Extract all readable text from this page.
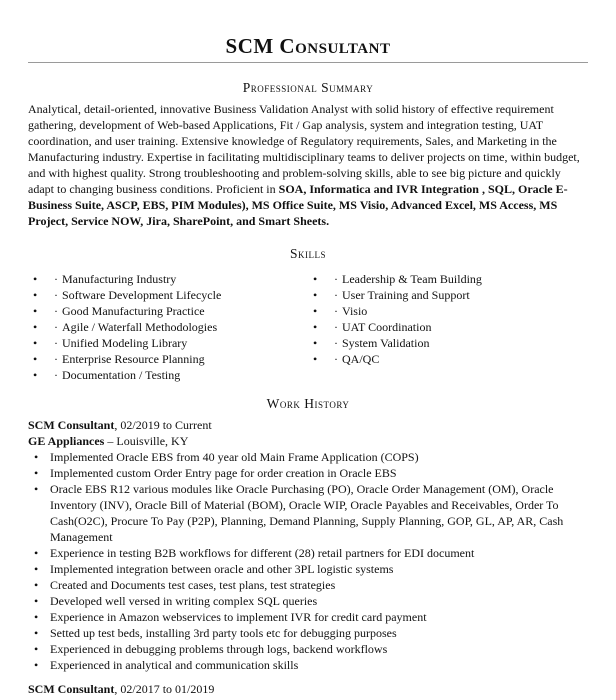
SCM Consultant
Professional Summary

Analytical, detail-oriented, innovative Business Validation Analyst with solid history of effective requirement gathering, development of Web-based Applications, Fit / Gap analysis, system and integration testing, UAT coordination, and user training. Extensive knowledge of Regulatory requirements, Sales, and Marketing in the Manufacturing industry. Expertise in facilitating multidisciplinary teams to deliver projects on time, within budget, and with highest quality. Strong troubleshooting and problem-solving skills, able to see big picture and quickly adapt to changing business conditions. Proficient in SOA, Informatica and IVR Integration , SQL, Oracle E-Business Suite, ASCP, EBS, PIM Modules), MS Office Suite, MS Visio, Advanced Excel, MS Access, MS Project, Service NOW, Jira, SharePoint, and Smart Sheets.

Skills
• · Manufacturing Industry
• · Software Development Lifecycle
• · Good Manufacturing Practice
• · Agile / Waterfall Methodologies
• · Unified Modeling Library
• · Enterprise Resource Planning
• · Documentation / Testing
• · Leadership & Team Building
• · User Training and Support
• · Visio
• · UAT Coordination
• · System Validation
• · QA/QC
Work History
SCM Consultant, 02/2019 to Current
GE Appliances – Louisville, KY
• Implemented Oracle EBS from 40 year old Main Frame Application (COPS)
• Implemented custom Order Entry page for order creation in Oracle EBS
• Oracle EBS R12 various modules like Oracle Purchasing (PO), Oracle Order Management (OM), Oracle Inventory (INV), Oracle Bill of Material (BOM), Oracle WIP, Oracle Payables and Receivables, Order To Cash(O2C), Procure To Pay (P2P), Planning, Demand Planning, Supply Planning, GOP, GL, AP, AR, Cash Management
• Experience in testing B2B workflows for different (28) retail partners for EDI document
• Implemented integration between oracle and other 3PL logistic systems
• Created and Documents test cases, test plans, test strategies
• Developed well versed in writing complex SQL queries
• Experience in Amazon webservices to implement IVR for credit card payment
• Setted up test beds, installing 3rd party tools etc for debugging purposes
• Experienced in debugging problems through logs, backend workflows
• Experienced in analytical and communication skills
SCM Consultant, 02/2017 to 01/2019
